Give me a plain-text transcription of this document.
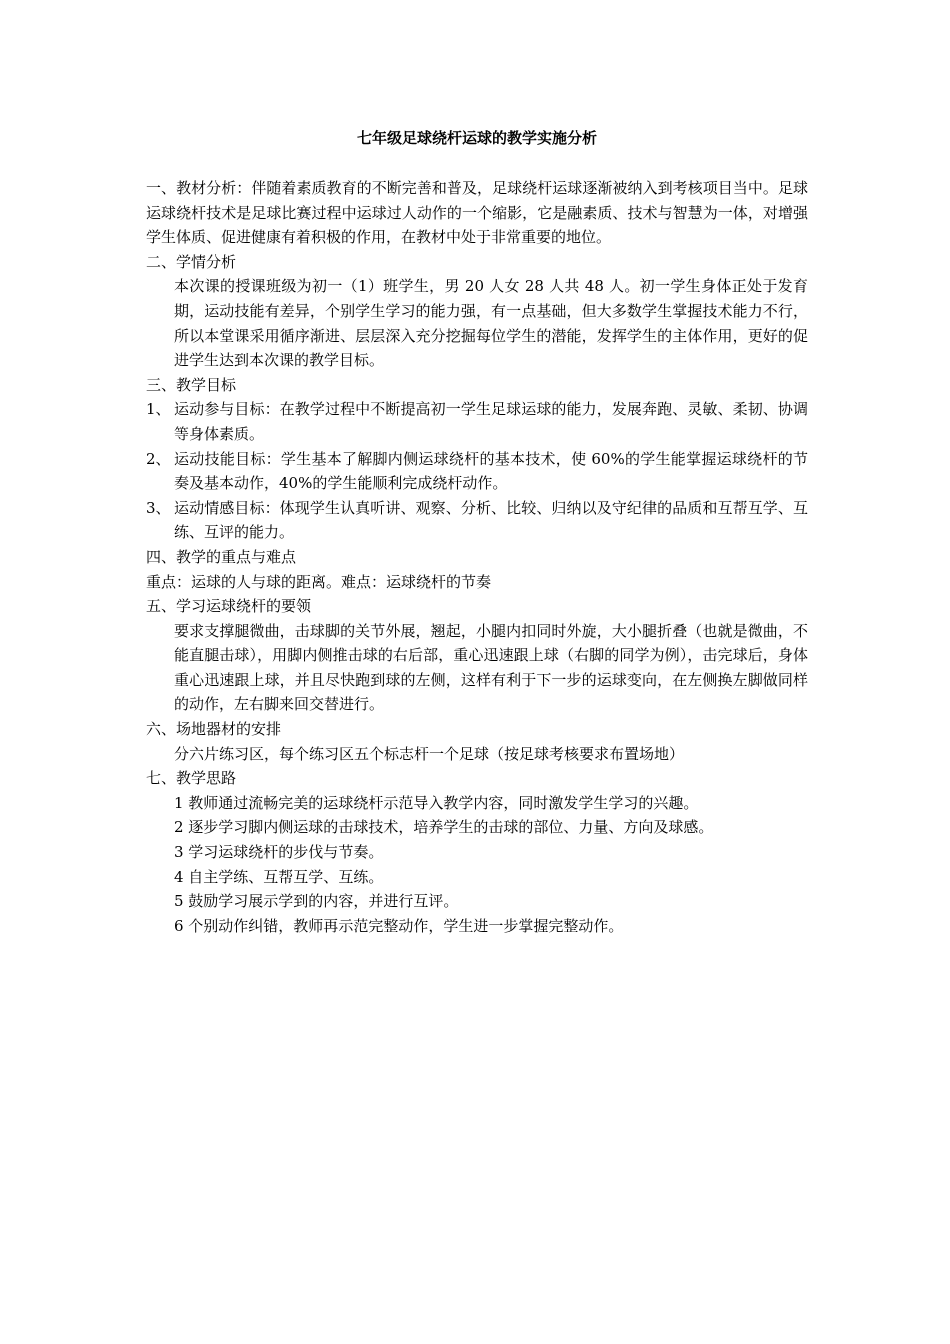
七年级足球绕杆运球的教学实施分析

一、教材分析：伴随着素质教育的不断完善和普及，足球绕杆运球逐渐被纳入到考核项目当中。足球运球绕杆技术是足球比赛过程中运球过人动作的一个缩影，它是融素质、技术与智慧为一体，对增强学生体质、促进健康有着积极的作用，在教材中处于非常重要的地位。

二、学情分析

本次课的授课班级为初一（1）班学生，男 20 人女 28 人共 48 人。初一学生身体正处于发育期，运动技能有差异，个别学生学习的能力强，有一点基础，但大多数学生掌握技术能力不行，所以本堂课采用循序渐进、层层深入充分挖掘每位学生的潜能，发挥学生的主体作用，更好的促进学生达到本次课的教学目标。

三、教学目标

1、 运动参与目标：在教学过程中不断提高初一学生足球运球的能力，发展奔跑、灵敏、柔韧、协调等身体素质。
2、 运动技能目标：学生基本了解脚内侧运球绕杆的基本技术，使 60%的学生能掌握运球绕杆的节奏及基本动作，40%的学生能顺利完成绕杆动作。
3、 运动情感目标：体现学生认真听讲、观察、分析、比较、归纳以及守纪律的品质和互帮互学、互练、互评的能力。

四、教学的重点与难点

重点：运球的人与球的距离。难点：运球绕杆的节奏

五、学习运球绕杆的要领

要求支撑腿微曲，击球脚的关节外展，翘起，小腿内扣同时外旋，大小腿折叠（也就是微曲，不能直腿击球），用脚内侧推击球的右后部，重心迅速跟上球（右脚的同学为例），击完球后，身体重心迅速跟上球，并且尽快跑到球的左侧，这样有利于下一步的运球变向，在左侧换左脚做同样的动作，左右脚来回交替进行。

六、场地器材的安排

分六片练习区，每个练习区五个标志杆一个足球（按足球考核要求布置场地）

七、教学思路

1 教师通过流畅完美的运球绕杆示范导入教学内容，同时激发学生学习的兴趣。

2 逐步学习脚内侧运球的击球技术，培养学生的击球的部位、力量、方向及球感。

3 学习运球绕杆的步伐与节奏。

4 自主学练、互帮互学、互练。

5 鼓励学习展示学到的内容，并进行互评。

6 个别动作纠错，教师再示范完整动作，学生进一步掌握完整动作。
